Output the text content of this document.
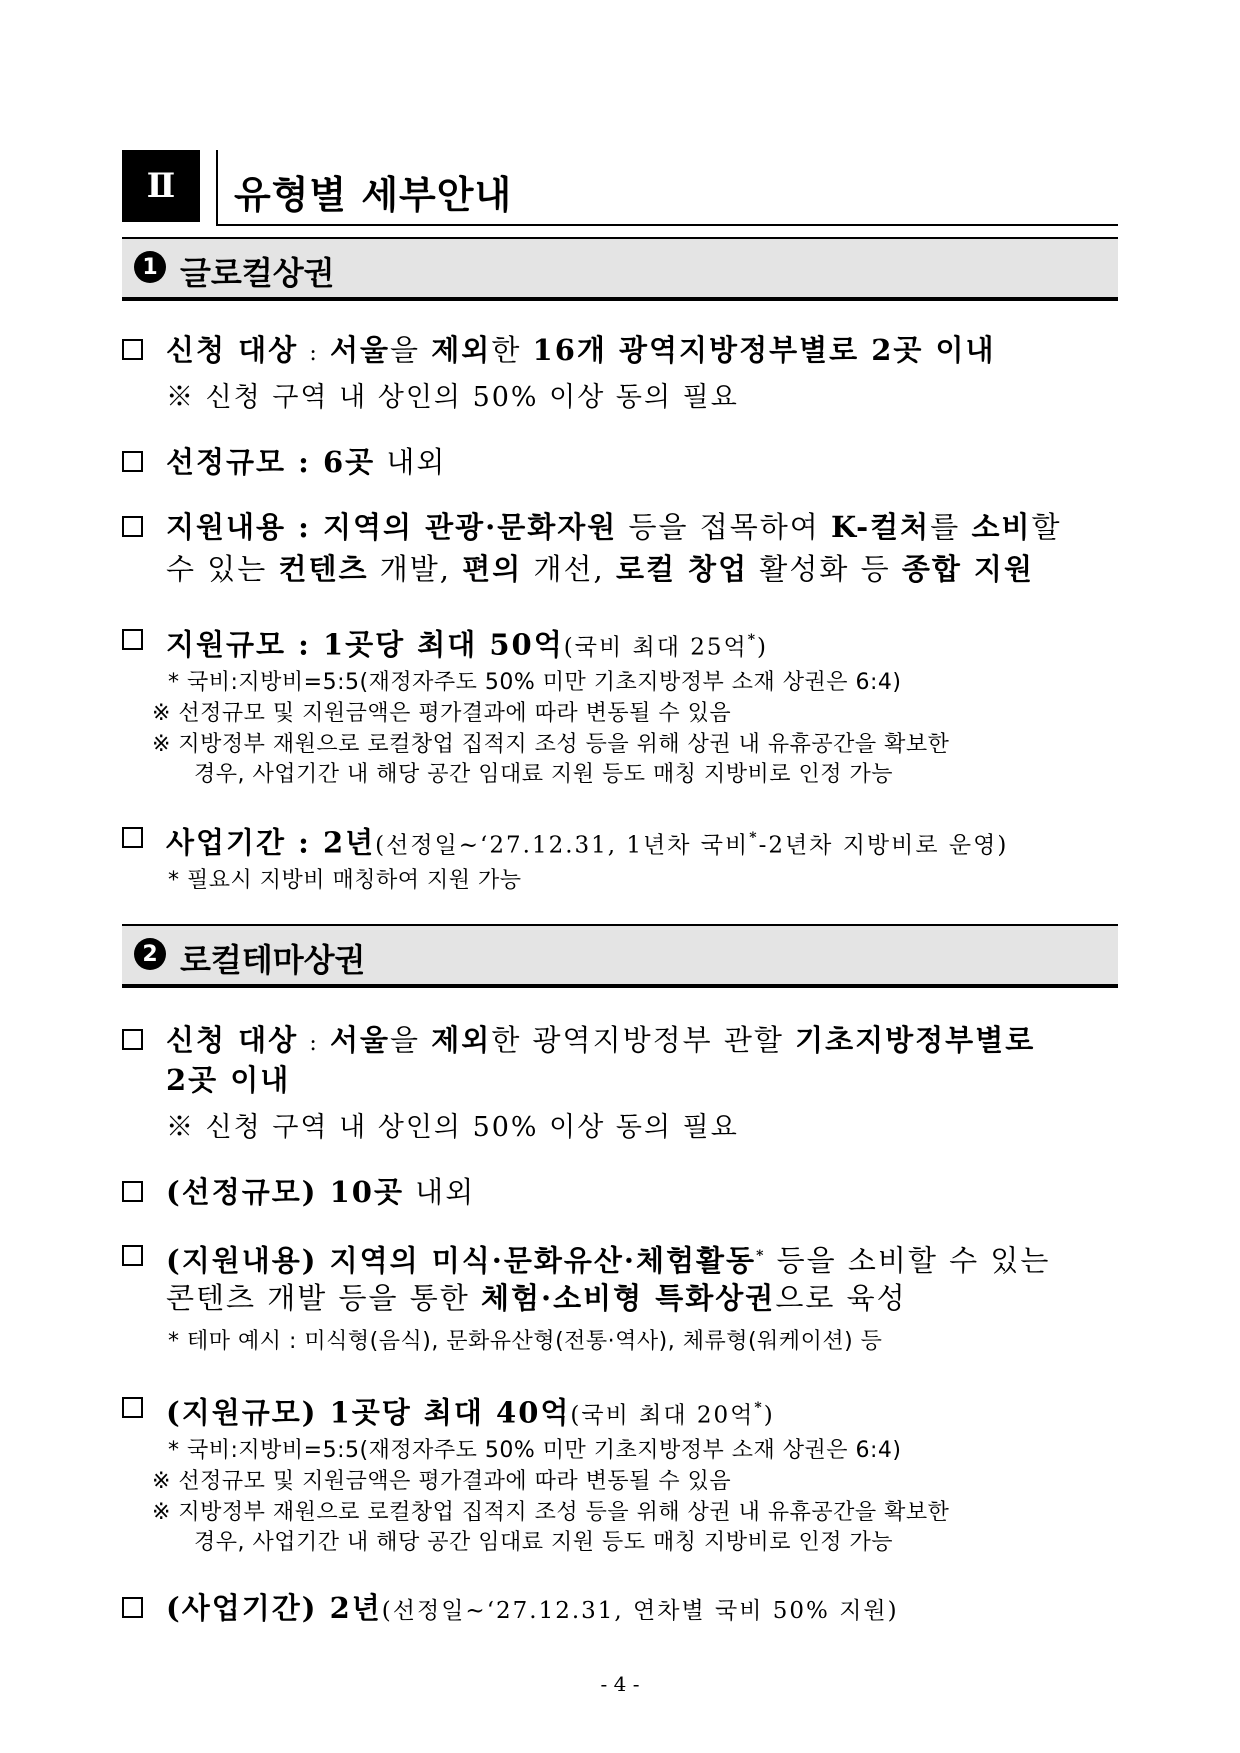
Ⅱ	유형별 세부안내
1 글로컬상권
신청 대상 : 서울을 제외한 16개 광역지방정부별로 2곳 이내
※ 신청 구역 내 상인의 50% 이상 동의 필요
선정규모 : 6곳 내외
지원내용 : 지역의 관광·문화자원 등을 접목하여 K-컬처를 소비할
수 있는 컨텐츠 개발, 편의 개선, 로컬 창업 활성화 등 종합 지원
지원규모 : 1곳당 최대 50억(국비 최대 25억*)
* 국비:지방비=5:5(재정자주도 50% 미만 기초지방정부 소재 상권은 6:4)
※ 선정규모 및 지원금액은 평가결과에 따라 변동될 수 있음
※ 지방정부 재원으로 로컬창업 집적지 조성 등을 위해 상권 내 유휴공간을 확보한
경우, 사업기간 내 해당 공간 임대료 지원 등도 매칭 지방비로 인정 가능
사업기간 : 2년(선정일~‘27.12.31, 1년차 국비*-2년차 지방비로 운영)
* 필요시 지방비 매칭하여 지원 가능
2 로컬테마상권
신청 대상 : 서울을 제외한 광역지방정부 관할 기초지방정부별로
2곳 이내
※ 신청 구역 내 상인의 50% 이상 동의 필요
(선정규모) 10곳 내외
(지원내용) 지역의 미식·문화유산·체험활동* 등을 소비할 수 있는
콘텐츠 개발 등을 통한 체험·소비형 특화상권으로 육성
* 테마 예시 : 미식형(음식), 문화유산형(전통·역사), 체류형(워케이션) 등
(지원규모) 1곳당 최대 40억(국비 최대 20억*)
* 국비:지방비=5:5(재정자주도 50% 미만 기초지방정부 소재 상권은 6:4)
※ 선정규모 및 지원금액은 평가결과에 따라 변동될 수 있음
※ 지방정부 재원으로 로컬창업 집적지 조성 등을 위해 상권 내 유휴공간을 확보한
경우, 사업기간 내 해당 공간 임대료 지원 등도 매칭 지방비로 인정 가능
(사업기간) 2년(선정일~‘27.12.31, 연차별 국비 50% 지원)
- 4 -
